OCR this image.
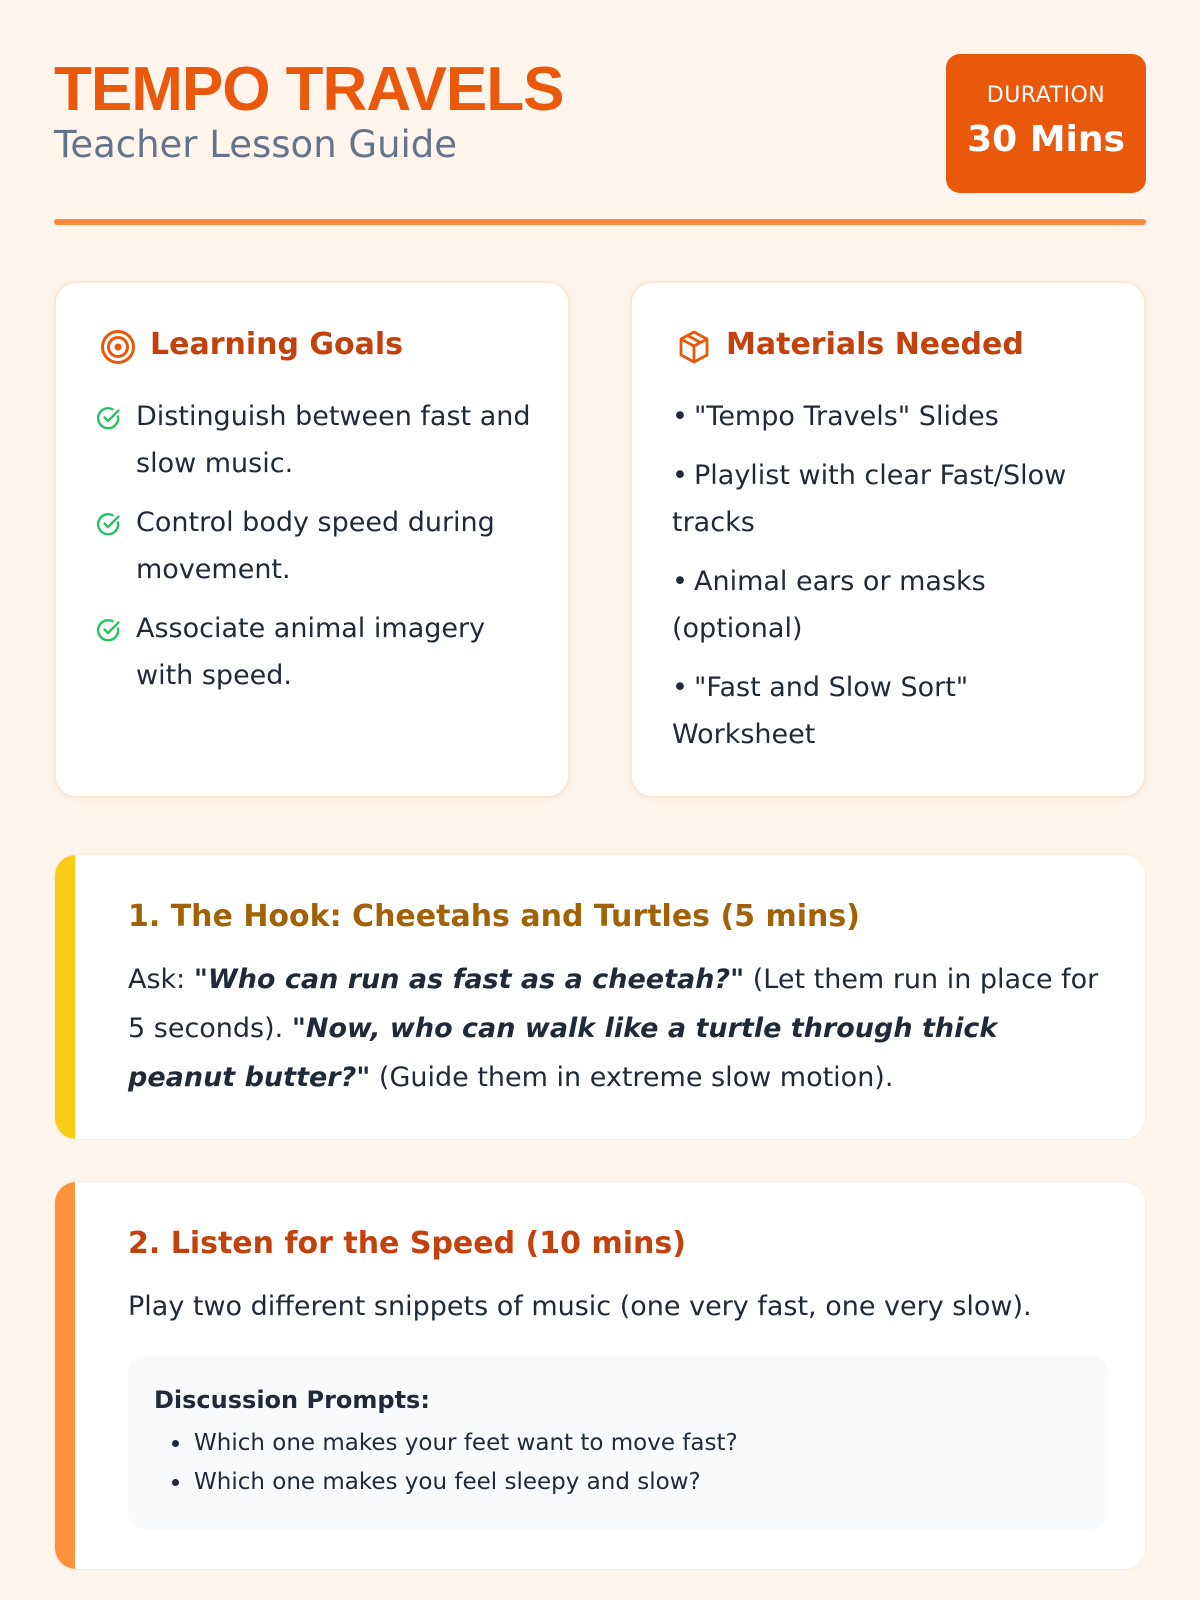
TEMPO TRAVELS
Teacher Lesson Guide
DURATION
30 Mins
Learning Goals
Distinguish between fast and slow music.
Control body speed during movement.
Associate animal imagery with speed.
Materials Needed
• "Tempo Travels" Slides
• Playlist with clear Fast/Slow tracks
• Animal ears or masks (optional)
• "Fast and Slow Sort" Worksheet
1. The Hook: Cheetahs and Turtles (5 mins)
Ask: "Who can run as fast as a cheetah?" (Let them run in place for 5 seconds). "Now, who can walk like a turtle through thick peanut butter?" (Guide them in extreme slow motion).
2. Listen for the Speed (10 mins)
Play two different snippets of music (one very fast, one very slow).
Discussion Prompts:
• Which one makes your feet want to move fast?
• Which one makes you feel sleepy and slow?
